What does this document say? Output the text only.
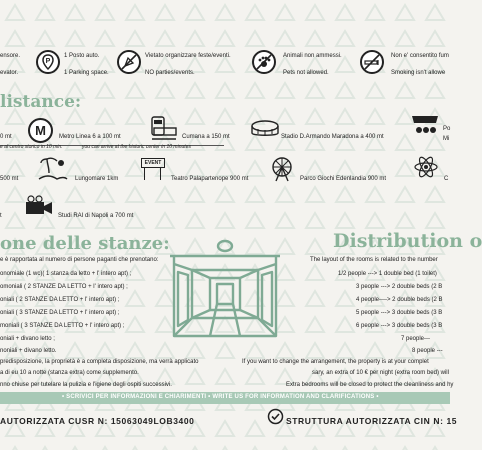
ensore.
evator.
P
1 Posto auto.
1 Parking space.
Vietato organizzare feste/eventi.
NO parties/events.
Animali non ammessi.
Pets not allowed.
Non e' consentito fum
Smoking isn't allowe
listance:
0 mt M Metro Linea 6 a 100 mt	Cumana a 150 mt	Stadio D.Armando Maradona a 400 mt
Po
Mi
e al centro storico in 10 min.	you can arrive at the historic center in 10 minutes
500 mt	Lungomare 1km
EVENT
Teatro Palapartenope 900 mt	Parco Giochi Edenlandia 900 mt	C
t	Studi RAI di Napoli a 700 mt
one delle stanze:
e è rapportata al numero di persone paganti che prenotano:
onomiale (1 wc)( 1 stanza da letto + l' intero apt) ;
omoniali ( 2 STANZE DA LETTO + l' intero apt) ;
oniali ( 2 STANZE DA LETTO + l' intero apt) ;
oniali ( 3 STANZE DA LETTO + l' intero apt) ;
moniali ( 3 STANZE DA LETTO + l' intero apt) ;
oniali + divano letto ;
noniali + divano letto.
predisposizione, la proprietà è a completa disposizione, ma verrà applicato
a di eu 10 a notte (stanza extra) come supplemento.
nno chiuse per tutelare la pulizia e l'igiene degli ospiti successivi.
Distribution o
The layout of the rooms is related to the number
1/2 people ---> 1 double bed (1 toilet)
3 people ---> 2 double beds (2 B
4 people----> 2 double beds (2 B
5 people ---> 3 double beds (3 B
6 people ---> 3 double beds (3 B
7 people---
8 people ---
If you want to change the arrangement, the property is at your complet
sary, an extra of 10 € per night (extra room bed) will
Extra bedrooms will be closed to protect the cleanliness and hy
• SCRIVICI PER INFORMAZIONI E CHIARIMENTI • WRITE US FOR INFORMATION AND CLARIFICATIONS •
AUTORIZZATA CUSR N: 15063049LOB3400	STRUTTURA AUTORIZZATA CIN N: 15
